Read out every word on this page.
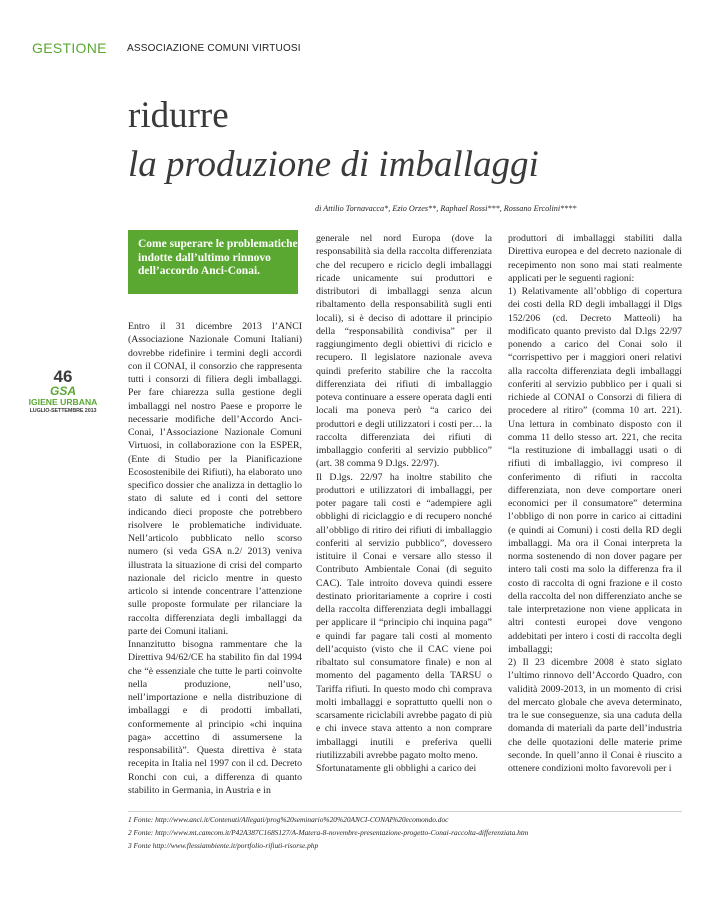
GESTIONE ASSOCIAZIONE COMUNI VIRTUOSI
ridurre
la produzione di imballaggi
di Attilio Tornavacca*, Ezio Orzes**, Raphael Rossi***, Rossano Ercolini****
Come superare le problematiche indotte dall’ultimo rinnovo dell’accordo Anci-Conai.
46
GSA
IGIENE URBANA
LUGLIO-SETTEMBRE 2013

Entro il 31 dicembre 2013 l’ANCI (Associazione Nazionale Comuni Italiani) dovrebbe ridefinire i termini degli accordi con il CONAI, il consorzio che rappresenta tutti i consorzi di filiera degli imballaggi. Per fare chiarezza sulla gestione degli imballaggi nel nostro Paese e proporre le necessarie modifiche dell’Accordo Anci-Conai, l’Associazione Nazionale Comuni Virtuosi, in collaborazione con la ESPER, (Ente di Studio per la Pianificazione Ecosostenibile dei Rifiuti), ha elaborato uno specifico dossier che analizza in dettaglio lo stato di salute ed i conti del settore indicando dieci proposte che potrebbero risolvere le problematiche individuate. Nell’articolo pubblicato nello scorso numero (si veda GSA n.2/ 2013) veniva illustrata la situazione di crisi del comparto nazionale del riciclo mentre in questo articolo si intende concentrare l’attenzione sulle proposte formulate per rilanciare la raccolta differenziata degli imballaggi da parte dei Comuni italiani.

Innanzitutto bisogna rammentare che la Direttiva 94/62/CE ha stabilito fin dal 1994 che “è essenziale che tutte le parti coinvolte nella produzione, nell’uso, nell’importazione e nella distribuzione di imballaggi e di prodotti imballati, conformemente al principio «chi inquina paga» accettino di assumersene la responsabilità”. Questa direttiva è stata recepita in Italia nel 1997 con il cd. Decreto Ronchi con cui, a differenza di quanto stabilito in Germania, in Austria e in

generale nel nord Europa (dove la responsabilità sia della raccolta differenziata che del recupero e riciclo degli imballaggi ricade unicamente sui produttori e distributori di imballaggi senza alcun ribaltamento della responsabilità sugli enti locali), si è deciso di adottare il principio della “responsabilità condivisa” per il raggiungimento degli obiettivi di riciclo e recupero. Il legislatore nazionale aveva quindi preferito stabilire che la raccolta differenziata dei rifiuti di imballaggio poteva continuare a essere operata dagli enti locali ma poneva però “a carico dei produttori e degli utilizzatori i costi per… la raccolta differenziata dei rifiuti di imballaggio conferiti al servizio pubblico” (art. 38 comma 9 D.lgs. 22/97).

Il D.lgs. 22/97 ha inoltre stabilito che produttori e utilizzatori di imballaggi, per poter pagare tali costi e “adempiere agli obblighi di riciclaggio e di recupero nonché all’obbligo di ritiro dei rifiuti di imballaggio conferiti al servizio pubblico”, dovessero istituire il Conai e versare allo stesso il Contributo Ambientale Conai (di seguito CAC). Tale introito doveva quindi essere destinato prioritariamente a coprire i costi della raccolta differenziata degli imballaggi per applicare il “principio chi inquina paga” e quindi far pagare tali costi al momento dell’acquisto (visto che il CAC viene poi ribaltato sul consumatore finale) e non al momento del pagamento della TARSU o Tariffa rifiuti. In questo modo chi comprava molti imballaggi e soprattutto quelli non o scarsamente riciclabili avrebbe pagato di più e chi invece stava attento a non comprare imballaggi inutili e preferiva quelli riutilizzabili avrebbe pagato molto meno.

Sfortunatamente gli obblighi a carico dei

produttori di imballaggi stabiliti dalla Direttiva europea e del decreto nazionale di recepimento non sono mai stati realmente applicati per le seguenti ragioni:

1) Relativamente all’obbligo di copertura dei costi della RD degli imballaggi il Dlgs 152/206 (cd. Decreto Matteoli) ha modificato quanto previsto dal D.lgs 22/97 ponendo a carico del Conai solo il “corrispettivo per i maggiori oneri relativi alla raccolta differenziata degli imballaggi conferiti al servizio pubblico per i quali si richiede al CONAI o Consorzi di filiera di procedere al ritiro” (comma 10 art. 221). Una lettura in combinato disposto con il comma 11 dello stesso art. 221, che recita “la restituzione di imballaggi usati o di rifiuti di imballaggio, ivi compreso il conferimento di rifiuti in raccolta differenziata, non deve comportare oneri economici per il consumatore” determina l’obbligo di non porre in carico ai cittadini (e quindi ai Comuni) i costi della RD degli imballaggi. Ma ora il Conai interpreta la norma sostenendo di non dover pagare per intero tali costi ma solo la differenza fra il costo di raccolta di ogni frazione e il costo della raccolta del non differenziato anche se tale interpretazione non viene applicata in altri contesti europei dove vengono addebitati per intero i costi di raccolta degli imballaggi;

2) Il 23 dicembre 2008 è stato siglato l’ultimo rinnovo dell’Accordo Quadro, con validità 2009-2013, in un momento di crisi del mercato globale che aveva determinato, tra le sue conseguenze, sia una caduta della domanda di materiali da parte dell’industria che delle quotazioni delle materie prime seconde. In quell’anno il Conai è riuscito a ottenere condizioni molto favorevoli per i

1 Fonte: http://www.anci.it/Contenuti/Allegati/prog%20seminario%20%20ANCI-CONAI%20ecomondo.doc
2 Fonte: http://www.mt.camcom.it/P42A387C168S127/A-Matera-8-novembre-presentazione-progetto-Conai-raccolta-differenziata.htm
3 Fonte http://www.flessiambiente.it/portfolio-rifiuti-risorse.php
